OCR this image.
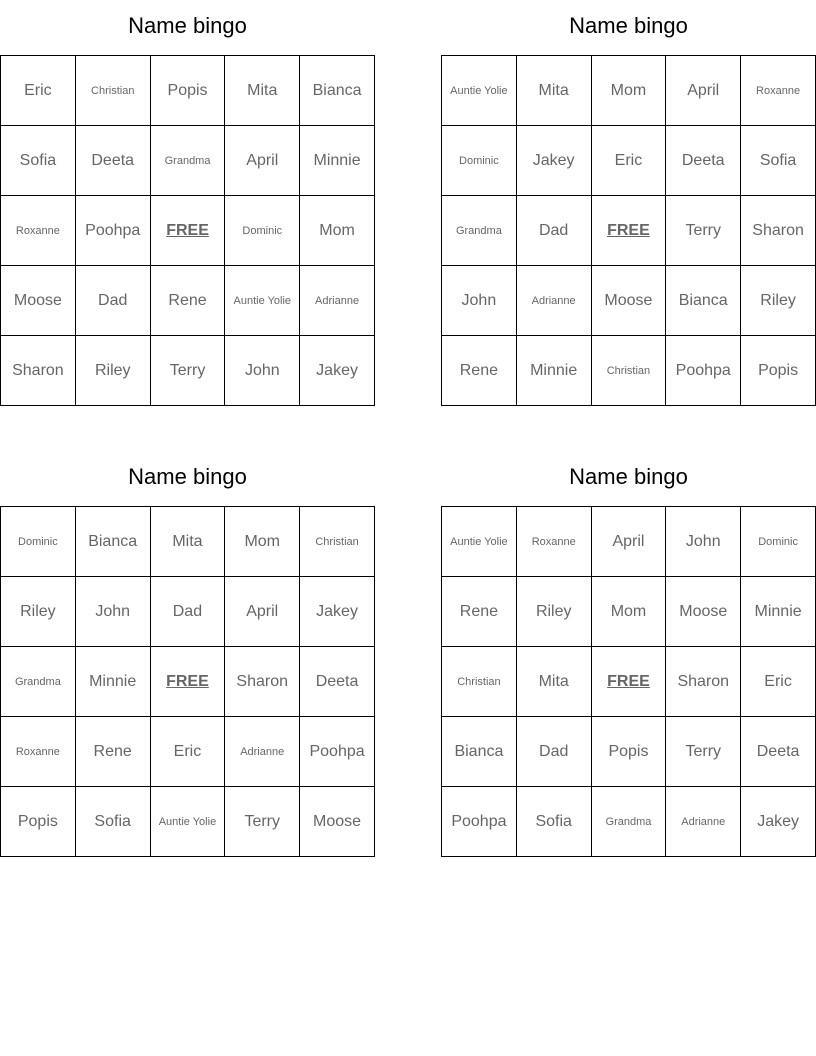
Name bingo
Eric	Christian	Popis	Mita	Bianca
Sofia	Deeta	Grandma	April	Minnie
Roxanne	Poohpa	FREE	Dominic	Mom
Moose	Dad	Rene	Auntie Yolie	Adrianne
Sharon	Riley	Terry	John	Jakey
Name bingo
Auntie Yolie	Mita	Mom	April	Roxanne
Dominic	Jakey	Eric	Deeta	Sofia
Grandma	Dad	FREE	Terry	Sharon
John	Adrianne	Moose	Bianca	Riley
Rene	Minnie	Christian	Poohpa	Popis
Name bingo
Dominic	Bianca	Mita	Mom	Christian
Riley	John	Dad	April	Jakey
Grandma	Minnie	FREE	Sharon	Deeta
Roxanne	Rene	Eric	Adrianne	Poohpa
Popis	Sofia	Auntie Yolie	Terry	Moose
Name bingo
Auntie Yolie	Roxanne	April	John	Dominic
Rene	Riley	Mom	Moose	Minnie
Christian	Mita	FREE	Sharon	Eric
Bianca	Dad	Popis	Terry	Deeta
Poohpa	Sofia	Grandma	Adrianne	Jakey
